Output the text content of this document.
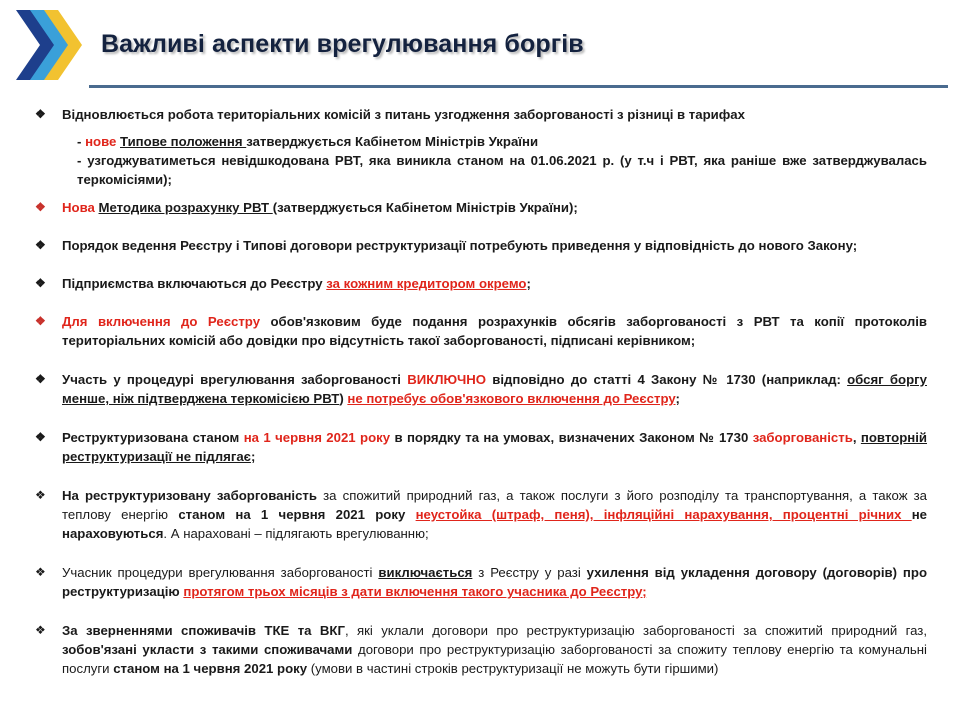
Важливі аспекти врегулювання боргів
❖ Відновлюється робота територіальних комісій з питань узгодження заборгованості з різниці в тарифах
- нове Типове положення затверджується Кабінетом Міністрів України
- узгоджуватиметься невідшкодована РВТ, яка виникла станом на 01.06.2021 р. (у т.ч і РВТ, яка раніше вже затверджувалась теркомісіями);
❖ Нова Методика розрахунку РВТ (затверджується Кабінетом Міністрів України);
❖ Порядок ведення Реєстру і Типові договори реструктуризації потребують приведення у відповідність до нового Закону;
❖ Підприємства включаються до Реєстру за кожним кредитором окремо;
❖ Для включення до Реєстру обов'язковим буде подання розрахунків обсягів заборгованості з РВТ та копії протоколів територіальних комісій або довідки про відсутність такої заборгованості, підписані керівником;
❖ Участь у процедурі врегулювання заборгованості ВИКЛЮЧНО відповідно до статті 4 Закону № 1730 (наприклад: обсяг боргу менше, ніж підтверджена теркомісією РВТ) не потребує обов'язкового включення до Реєстру;
❖ Реструктуризована станом на 1 червня 2021 року в порядку та на умовах, визначених Законом № 1730 заборгованість, повторній реструктуризації не підлягає;
❖ На реструктуризовану заборгованість за спожитий природний газ, а також послуги з його розподілу та транспортування, а також за теплову енергію станом на 1 червня 2021 року неустойка (штраф, пеня), інфляційні нарахування, процентні річних не нараховуються. А нараховані – підлягають врегулюванню;
❖ Учасник процедури врегулювання заборгованості виключається з Реєстру у разі ухилення від укладення договору (договорів) про реструктуризацію протягом трьох місяців з дати включення такого учасника до Реєстру;
❖ За зверненнями споживачів ТКЕ та ВКГ, які уклали договори про реструктуризацію заборгованості за спожитий природний газ, зобов'язані укласти з такими споживачами договори про реструктуризацію заборгованості за спожиту теплову енергію та комунальні послуги станом на 1 червня 2021 року (умови в частині строків реструктуризації не можуть бути гіршими)
